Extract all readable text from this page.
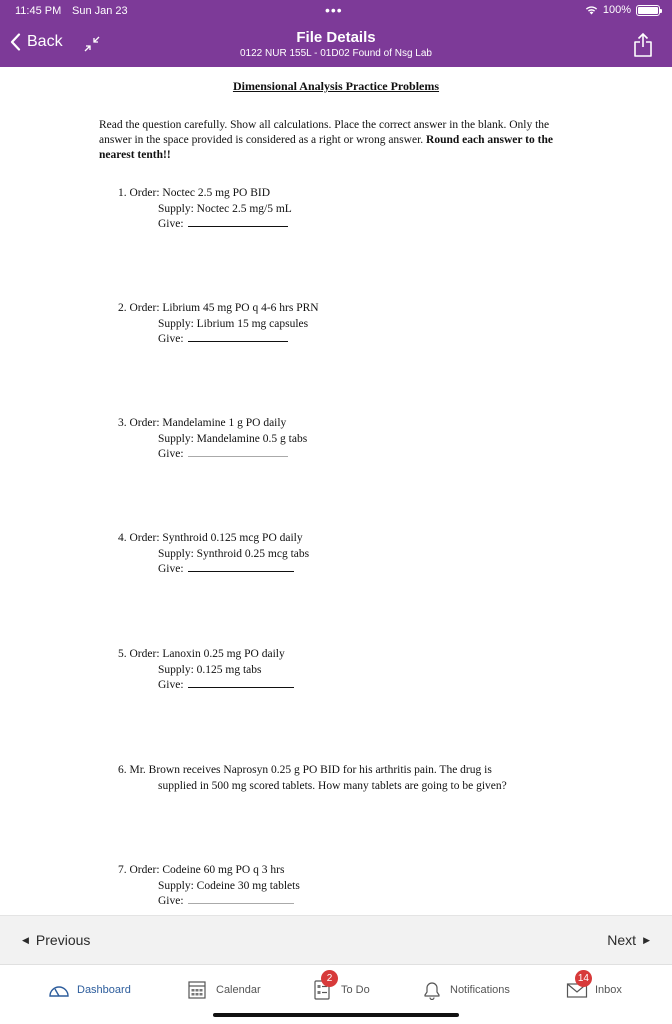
11:45 PM Sun Jan 23	•••	100%
Back	File Details
0122 NUR 155L - 01D02 Found of Nsg Lab
Dimensional Analysis Practice Problems
Read the question carefully. Show all calculations. Place the correct answer in the blank. Only the answer in the space provided is considered as a right or wrong answer. Round each answer to the nearest tenth!!
1. Order: Noctec 2.5 mg PO BID
Supply: Noctec 2.5 mg/5 mL
Give:
2. Order: Librium 45 mg PO q 4-6 hrs PRN
Supply: Librium 15 mg capsules
Give:
3. Order: Mandelamine 1 g PO daily
Supply: Mandelamine 0.5 g tabs
Give:
4. Order: Synthroid 0.125 mcg PO daily
Supply: Synthroid 0.25 mcg tabs
Give:
5. Order: Lanoxin 0.25 mg PO daily
Supply: 0.125 mg tabs
Give:
6. Mr. Brown receives Naprosyn 0.25 g PO BID for his arthritis pain. The drug is
supplied in 500 mg scored tablets. How many tablets are going to be given?
7. Order: Codeine 60 mg PO q 3 hrs
Supply: Codeine 30 mg tablets
Give:
◀ Previous	Next ▶
Dashboard	Calendar
2
To Do	Notifications
14
Inbox
